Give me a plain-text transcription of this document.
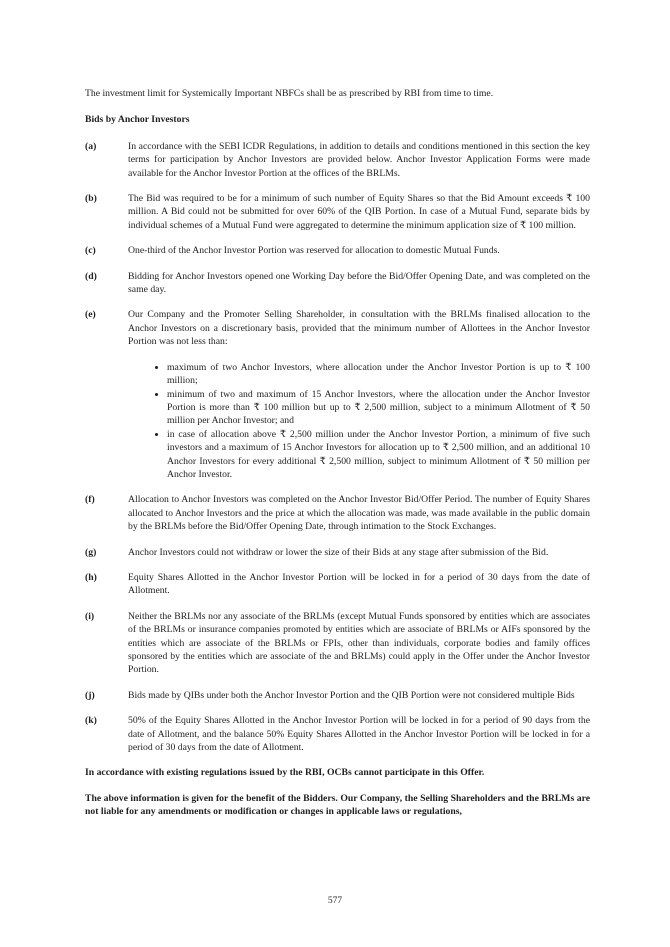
The investment limit for Systemically Important NBFCs shall be as prescribed by RBI from time to time.

Bids by Anchor Investors
(a)	In accordance with the SEBI ICDR Regulations, in addition to details and conditions mentioned in this section the key terms for participation by Anchor Investors are provided below. Anchor Investor Application Forms were made available for the Anchor Investor Portion at the offices of the BRLMs.

(b)	The Bid was required to be for a minimum of such number of Equity Shares so that the Bid Amount exceeds ₹ 100 million. A Bid could not be submitted for over 60% of the QIB Portion. In case of a Mutual Fund, separate bids by individual schemes of a Mutual Fund were aggregated to determine the minimum application size of ₹ 100 million.

(c)	One-third of the Anchor Investor Portion was reserved for allocation to domestic Mutual Funds.

(d)	Bidding for Anchor Investors opened one Working Day before the Bid/Offer Opening Date, and was completed on the same day.

(e)	Our Company and the Promoter Selling Shareholder, in consultation with the BRLMs finalised allocation to the Anchor Investors on a discretionary basis, provided that the minimum number of Allottees in the Anchor Investor Portion was not less than:

• maximum of two Anchor Investors, where allocation under the Anchor Investor Portion is up to ₹ 100 million;
• minimum of two and maximum of 15 Anchor Investors, where the allocation under the Anchor Investor Portion is more than ₹ 100 million but up to ₹ 2,500 million, subject to a minimum Allotment of ₹ 50 million per Anchor Investor; and
• in case of allocation above ₹ 2,500 million under the Anchor Investor Portion, a minimum of five such investors and a maximum of 15 Anchor Investors for allocation up to ₹ 2,500 million, and an additional 10 Anchor Investors for every additional ₹ 2,500 million, subject to minimum Allotment of ₹ 50 million per Anchor Investor.
(f)	Allocation to Anchor Investors was completed on the Anchor Investor Bid/Offer Period. The number of Equity Shares allocated to Anchor Investors and the price at which the allocation was made, was made available in the public domain by the BRLMs before the Bid/Offer Opening Date, through intimation to the Stock Exchanges.

(g)	Anchor Investors could not withdraw or lower the size of their Bids at any stage after submission of the Bid.

(h)	Equity Shares Allotted in the Anchor Investor Portion will be locked in for a period of 30 days from the date of Allotment.

(i)	Neither the BRLMs nor any associate of the BRLMs (except Mutual Funds sponsored by entities which are associates of the BRLMs or insurance companies promoted by entities which are associate of BRLMs or AIFs sponsored by the entities which are associate of the BRLMs or FPIs, other than individuals, corporate bodies and family offices sponsored by the entities which are associate of the and BRLMs) could apply in the Offer under the Anchor Investor Portion.

(j)	Bids made by QIBs under both the Anchor Investor Portion and the QIB Portion were not considered multiple Bids

(k)	50% of the Equity Shares Allotted in the Anchor Investor Portion will be locked in for a period of 90 days from the date of Allotment, and the balance 50% Equity Shares Allotted in the Anchor Investor Portion will be locked in for a period of 30 days from the date of Allotment.

In accordance with existing regulations issued by the RBI, OCBs cannot participate in this Offer.

The above information is given for the benefit of the Bidders. Our Company, the Selling Shareholders and the BRLMs are not liable for any amendments or modification or changes in applicable laws or regulations,

577
